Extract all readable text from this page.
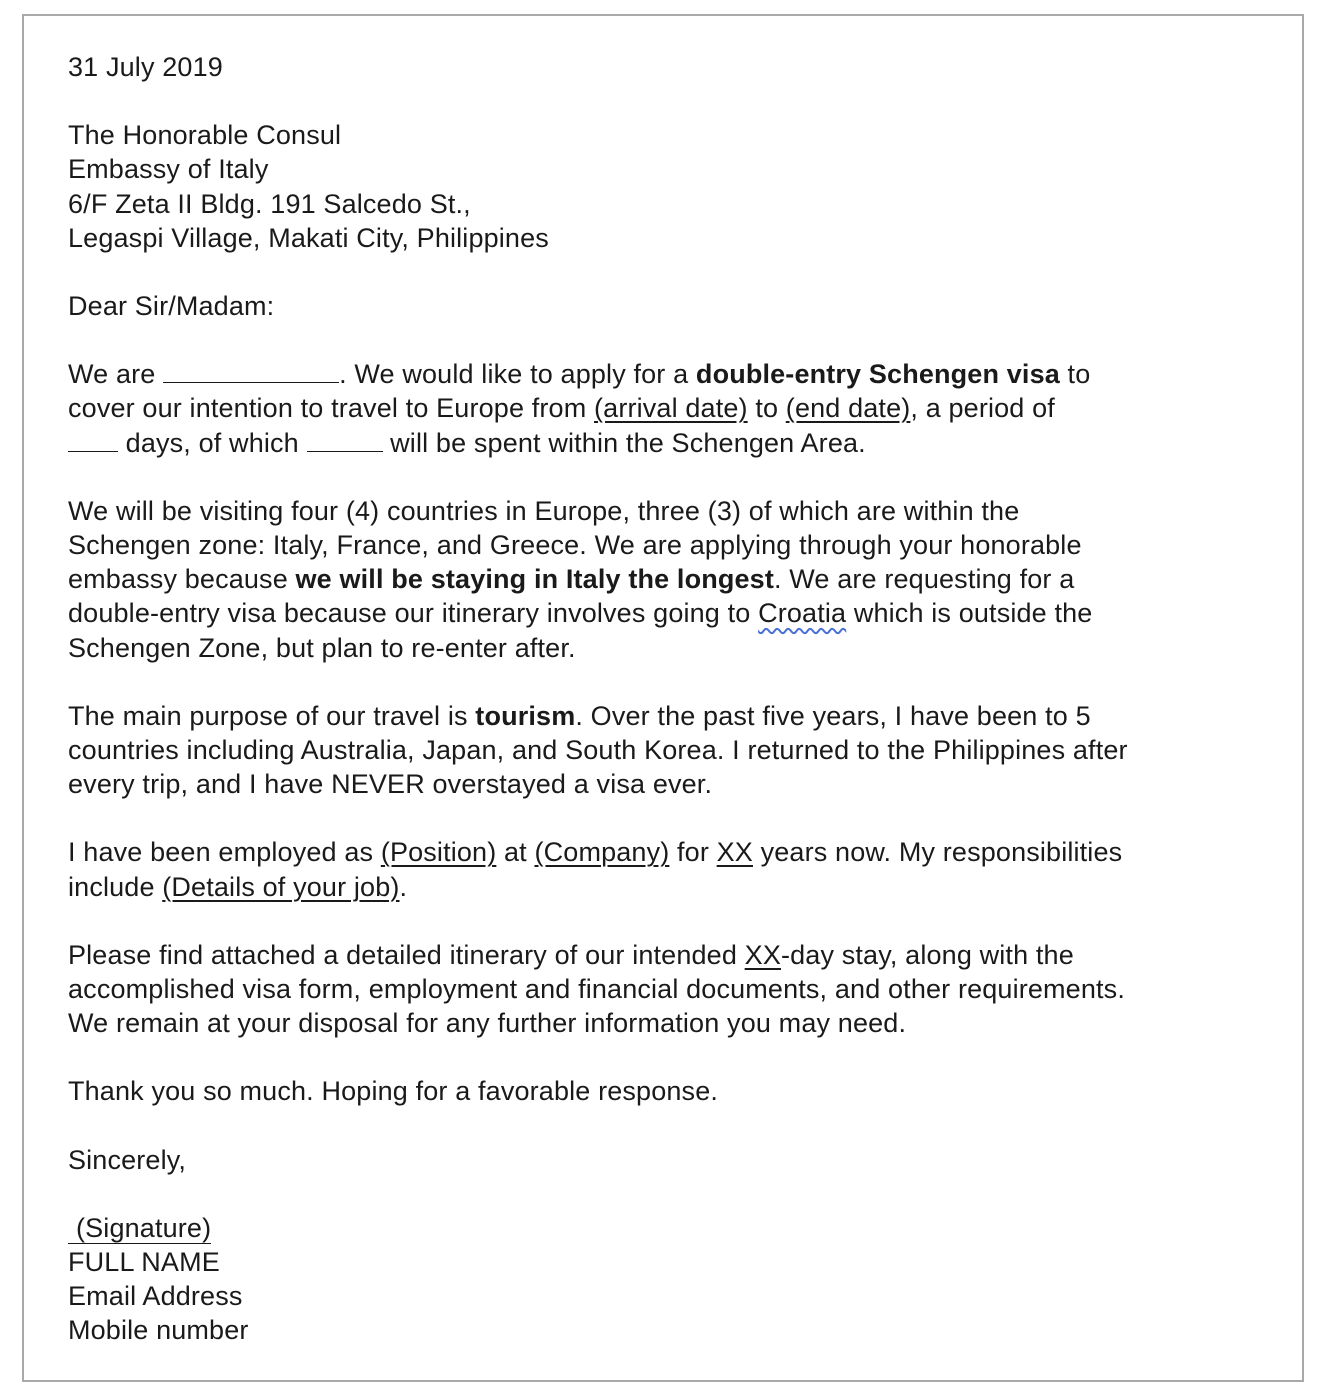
31 July 2019
The Honorable Consul
Embassy of Italy
6/F Zeta II Bldg. 191 Salcedo St.,
Legaspi Village, Makati City, Philippines
Dear Sir/Madam:
We are	. We would like to apply for a double-entry Schengen visa to
cover our intention to travel to Europe from (arrival date) to (end date), a period of
days, of which	will be spent within the Schengen Area.
We will be visiting four (4) countries in Europe, three (3) of which are within the
Schengen zone: Italy, France, and Greece. We are applying through your honorable
embassy because we will be staying in Italy the longest. We are requesting for a
double-entry visa because our itinerary involves going to Croatia which is outside the
Schengen Zone, but plan to re-enter after.
The main purpose of our travel is tourism. Over the past five years, I have been to 5
countries including Australia, Japan, and South Korea. I returned to the Philippines after
every trip, and I have NEVER overstayed a visa ever.
I have been employed as (Position) at (Company) for XX years now. My responsibilities
include (Details of your job).
Please find attached a detailed itinerary of our intended XX-day stay, along with the
accomplished visa form, employment and financial documents, and other requirements.
We remain at your disposal for any further information you may need.
Thank you so much. Hoping for a favorable response.
Sincerely,
(Signature)
FULL NAME
Email Address
Mobile number
